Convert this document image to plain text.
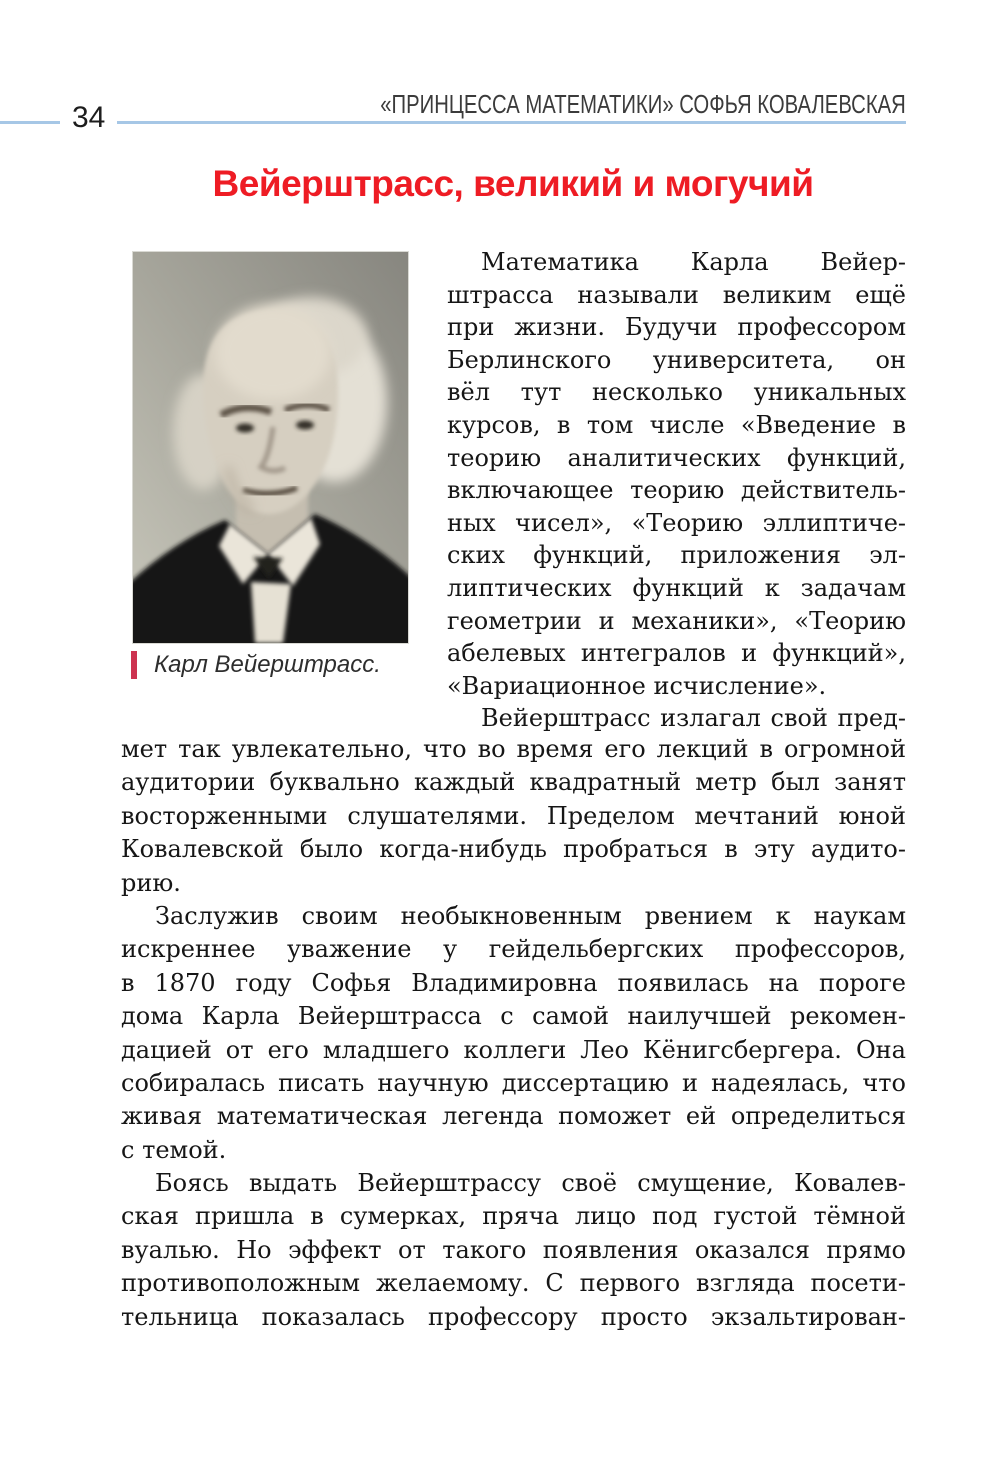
34	«ПРИНЦЕССА МАТЕМАТИКИ» СОФЬЯ КОВАЛЕВСКАЯ
Вейерштрасс, великий и могучий
Карл Вейерштрасс.
Математика Карла Вейер-
штрасса называли великим ещё
при жизни. Будучи профессором
Берлинского университета, он
вёл тут несколько уникальных
курсов, в том числе «Введение в
теорию аналитических функций,
включающее теорию действитель-
ных чисел», «Теорию эллиптиче-
ских функций, приложения эл-
липтических функций к задачам
геометрии и механики», «Теорию
абелевых интегралов и функций»,
«Вариационное исчисление».
Вейерштрасс излагал свой пред-
мет так увлекательно, что во время его лекций в огромной
аудитории буквально каждый квадратный метр был занят
восторженными слушателями. Пределом мечтаний юной
Ковалевской было когда-нибудь пробраться в эту аудито-
рию.
Заслужив своим необыкновенным рвением к наукам
искреннее уважение у гейдельбергских профессоров,
в 1870 году Софья Владимировна появилась на пороге
дома Карла Вейерштрасса с самой наилучшей рекомен-
дацией от его младшего коллеги Лео Кёнигсбергера. Она
собиралась писать научную диссертацию и надеялась, что
живая математическая легенда поможет ей определиться
с темой.
Боясь выдать Вейерштрассу своё смущение, Ковалев-
ская пришла в сумерках, пряча лицо под густой тёмной
вуалью. Но эффект от такого появления оказался прямо
противоположным желаемому. С первого взгляда посети-
тельница показалась профессору просто экзальтирован-
